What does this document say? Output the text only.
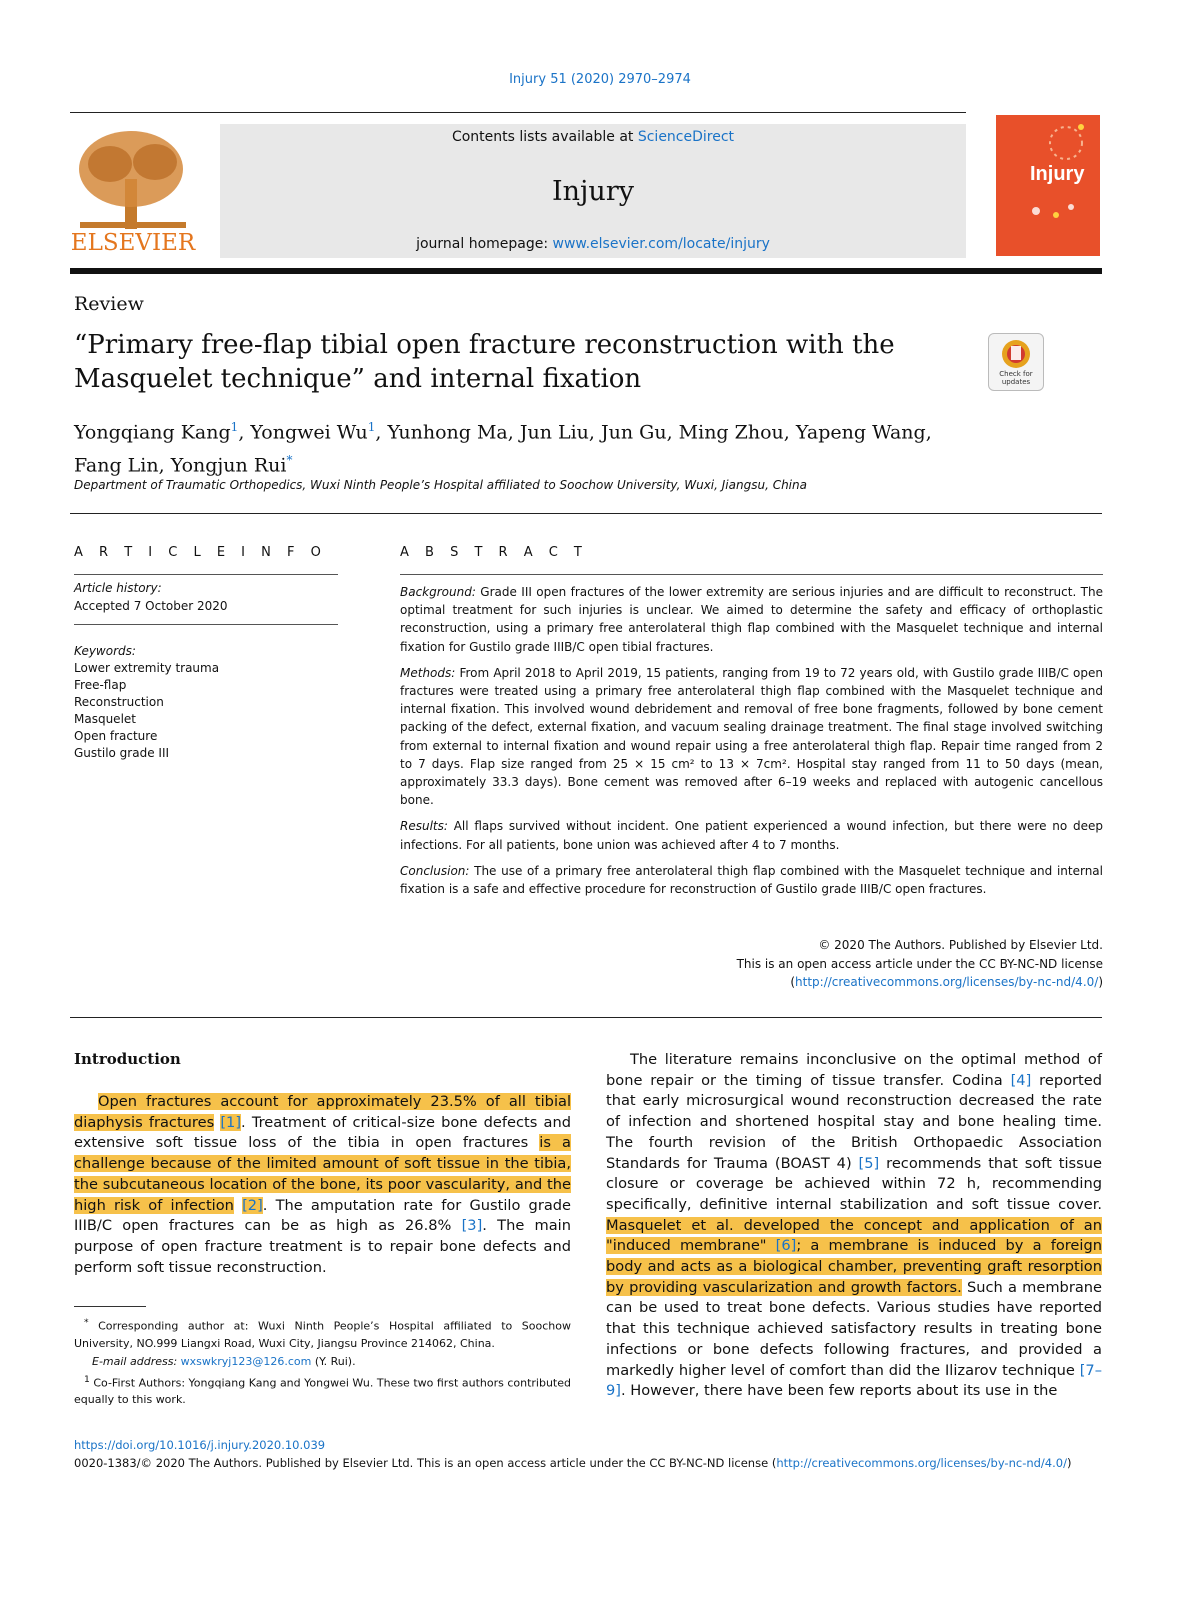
Injury 51 (2020) 2970–2974
ELSEVIER
Contents lists available at ScienceDirect
Injury
journal homepage: www.elsevier.com/locate/injury
Injury
Review
“Primary free-flap tibial open fracture reconstruction with the Masquelet technique” and internal fixation	Check for updates
Yongqiang Kang$^1$, Yongwei Wu$^1$, Yunhong Ma, Jun Liu, Jun Gu, Ming Zhou, Yapeng Wang,
Fang Lin, Yongjun Rui*
Department of Traumatic Orthopedics, Wuxi Ninth People’s Hospital affiliated to Soochow University, Wuxi, Jiangsu, China
A R T I C L E I N F O
Article history:
Accepted 7 October 2020
Keywords:
Lower extremity trauma
Free-flap
Reconstruction
Masquelet
Open fracture
Gustilo grade III
A B S T R A C T

Background: Grade III open fractures of the lower extremity are serious injuries and are difficult to reconstruct. The optimal treatment for such injuries is unclear. We aimed to determine the safety and efficacy of orthoplastic reconstruction, using a primary free anterolateral thigh flap combined with the Masquelet technique and internal fixation for Gustilo grade IIIB/C open tibial fractures.

Methods: From April 2018 to April 2019, 15 patients, ranging from 19 to 72 years old, with Gustilo grade IIIB/C open fractures were treated using a primary free anterolateral thigh flap combined with the Masquelet technique and internal fixation. This involved wound debridement and removal of free bone fragments, followed by bone cement packing of the defect, external fixation, and vacuum sealing drainage treatment. The final stage involved switching from external to internal fixation and wound repair using a free anterolateral thigh flap. Repair time ranged from 2 to 7 days. Flap size ranged from 25 × 15 cm² to 13 × 7cm². Hospital stay ranged from 11 to 50 days (mean, approximately 33.3 days). Bone cement was removed after 6–19 weeks and replaced with autogenic cancellous bone.

Results: All flaps survived without incident. One patient experienced a wound infection, but there were no deep infections. For all patients, bone union was achieved after 4 to 7 months.

Conclusion: The use of a primary free anterolateral thigh flap combined with the Masquelet technique and internal fixation is a safe and effective procedure for reconstruction of Gustilo grade IIIB/C open fractures.

© 2020 The Authors. Published by Elsevier Ltd.
This is an open access article under the CC BY-NC-ND license
(http://creativecommons.org/licenses/by-nc-nd/4.0/)
Introduction
Open fractures account for approximately 23.5% of all tibial diaphysis fractures [1]. Treatment of critical-size bone defects and extensive soft tissue loss of the tibia in open fractures is a challenge because of the limited amount of soft tissue in the tibia, the subcutaneous location of the bone, its poor vascularity, and the high risk of infection [2]. The amputation rate for Gustilo grade IIIB/C open fractures can be as high as 26.8% [3]. The main purpose of open fracture treatment is to repair bone defects and perform soft tissue reconstruction.
The literature remains inconclusive on the optimal method of bone repair or the timing of tissue transfer. Codina [4] reported that early microsurgical wound reconstruction decreased the rate of infection and shortened hospital stay and bone healing time. The fourth revision of the British Orthopaedic Association Standards for Trauma (BOAST 4) [5] recommends that soft tissue closure or coverage be achieved within 72 h, recommending specifically, definitive internal stabilization and soft tissue cover. Masquelet et al. developed the concept and application of an "induced membrane" [6]; a membrane is induced by a foreign body and acts as a biological chamber, preventing graft resorption by providing vascularization and growth factors. Such a membrane can be used to treat bone defects. Various studies have reported that this technique achieved satisfactory results in treating bone infections or bone defects following fractures, and provided a markedly higher level of comfort than did the Ilizarov technique [7–9]. However, there have been few reports about its use in the
* Corresponding author at: Wuxi Ninth People’s Hospital affiliated to Soochow University, NO.999 Liangxi Road, Wuxi City, Jiangsu Province 214062, China.
E-mail address: wxswkryj123@126.com (Y. Rui).
$^1$ Co-First Authors: Yongqiang Kang and Yongwei Wu. These two first authors contributed equally to this work.
https://doi.org/10.1016/j.injury.2020.10.039
0020-1383/© 2020 The Authors. Published by Elsevier Ltd. This is an open access article under the CC BY-NC-ND license (http://creativecommons.org/licenses/by-nc-nd/4.0/)
